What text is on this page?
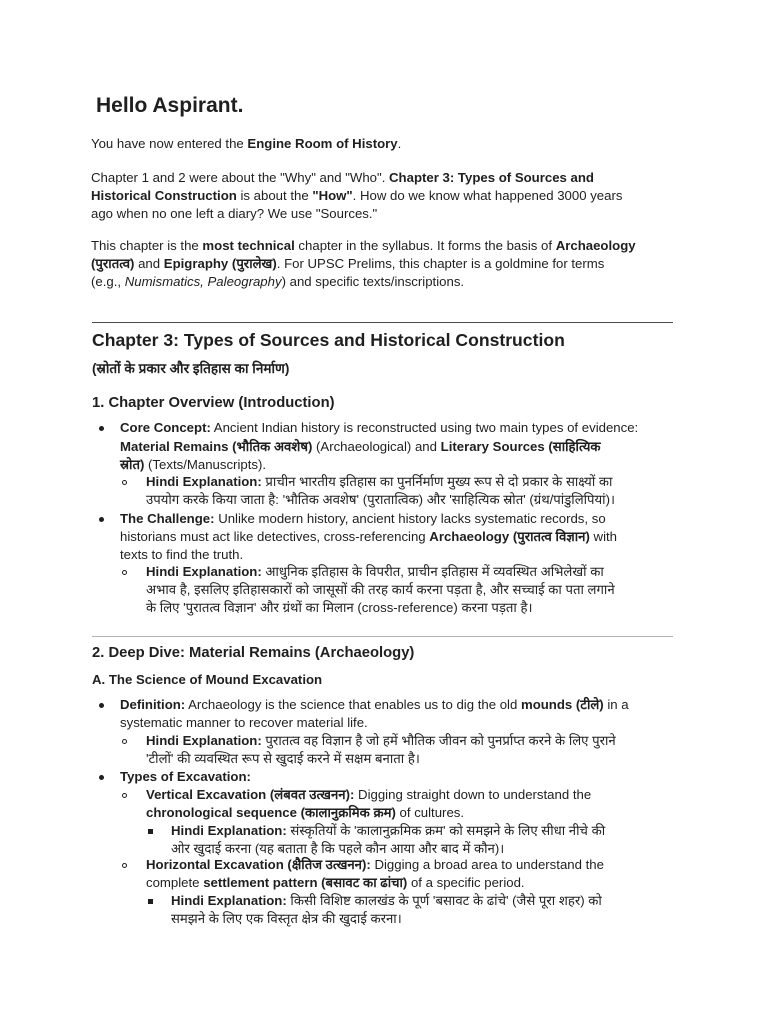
Hello Aspirant.
You have now entered the Engine Room of History.
Chapter 1 and 2 were about the "Why" and "Who". Chapter 3: Types of Sources and
Historical Construction is about the "How". How do we know what happened 3000 years
ago when no one left a diary? We use "Sources."
This chapter is the most technical chapter in the syllabus. It forms the basis of Archaeology
(पुरातत्व) and Epigraphy (पुरालेख). For UPSC Prelims, this chapter is a goldmine for terms
(e.g., Numismatics, Paleography) and specific texts/inscriptions.
Chapter 3: Types of Sources and Historical Construction
(स्रोतों के प्रकार और इतिहास का निर्माण)
1. Chapter Overview (Introduction)
Core Concept: Ancient Indian history is reconstructed using two main types of evidence:
Material Remains (भौतिक अवशेष) (Archaeological) and Literary Sources (साहित्यिक
स्रोत) (Texts/Manuscripts).
Hindi Explanation: प्राचीन भारतीय इतिहास का पुनर्निर्माण मुख्य रूप से दो प्रकार के साक्ष्यों का
उपयोग करके किया जाता है: 'भौतिक अवशेष' (पुरातात्विक) और 'साहित्यिक स्रोत' (ग्रंथ/पांडुलिपियां)।
The Challenge: Unlike modern history, ancient history lacks systematic records, so
historians must act like detectives, cross-referencing Archaeology (पुरातत्व विज्ञान) with
texts to find the truth.
Hindi Explanation: आधुनिक इतिहास के विपरीत, प्राचीन इतिहास में व्यवस्थित अभिलेखों का
अभाव है, इसलिए इतिहासकारों को जासूसों की तरह कार्य करना पड़ता है, और सच्चाई का पता लगाने
के लिए 'पुरातत्व विज्ञान' और ग्रंथों का मिलान (cross-reference) करना पड़ता है।
2. Deep Dive: Material Remains (Archaeology)
A. The Science of Mound Excavation
Definition: Archaeology is the science that enables us to dig the old mounds (टीले) in a
systematic manner to recover material life.
Hindi Explanation: पुरातत्व वह विज्ञान है जो हमें भौतिक जीवन को पुनर्प्राप्त करने के लिए पुराने
'टीलों' की व्यवस्थित रूप से खुदाई करने में सक्षम बनाता है।
Types of Excavation:
Vertical Excavation (लंबवत उत्खनन): Digging straight down to understand the
chronological sequence (कालानुक्रमिक क्रम) of cultures.
Hindi Explanation: संस्कृतियों के 'कालानुक्रमिक क्रम' को समझने के लिए सीधा नीचे की
ओर खुदाई करना (यह बताता है कि पहले कौन आया और बाद में कौन)।
Horizontal Excavation (क्षैतिज उत्खनन): Digging a broad area to understand the
complete settlement pattern (बसावट का ढांचा) of a specific period.
Hindi Explanation: किसी विशिष्ट कालखंड के पूर्ण 'बसावट के ढांचे' (जैसे पूरा शहर) को
समझने के लिए एक विस्तृत क्षेत्र की खुदाई करना।
